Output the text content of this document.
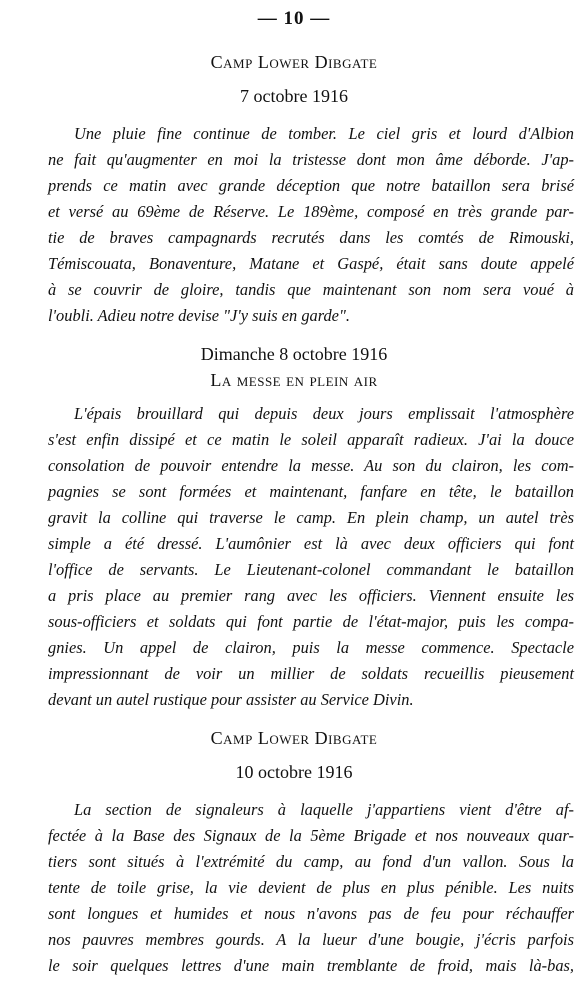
— 10 —
Camp Lower Dibgate
7 octobre 1916
Une pluie fine continue de tomber. Le ciel gris et lourd d'Albion
ne fait qu'augmenter en moi la tristesse dont mon âme déborde. J'ap-
prends ce matin avec grande déception que notre bataillon sera brisé
et versé au 69ème de Réserve. Le 189ème, composé en très grande par-
tie de braves campagnards recrutés dans les comtés de Rimouski,
Témiscouata, Bonaventure, Matane et Gaspé, était sans doute appelé
à se couvrir de gloire, tandis que maintenant son nom sera voué à
l'oubli. Adieu notre devise "J'y suis en garde".
Dimanche 8 octobre 1916
La messe en plein air
L'épais brouillard qui depuis deux jours emplissait l'atmosphère
s'est enfin dissipé et ce matin le soleil apparaît radieux. J'ai la douce
consolation de pouvoir entendre la messe. Au son du clairon, les com-
pagnies se sont formées et maintenant, fanfare en tête, le bataillon
gravit la colline qui traverse le camp. En plein champ, un autel très
simple a été dressé. L'aumônier est là avec deux officiers qui font
l'office de servants. Le Lieutenant-colonel commandant le bataillon
a pris place au premier rang avec les officiers. Viennent ensuite les
sous-officiers et soldats qui font partie de l'état-major, puis les compa-
gnies. Un appel de clairon, puis la messe commence. Spectacle
impressionnant de voir un millier de soldats recueillis pieusement
devant un autel rustique pour assister au Service Divin.
Camp Lower Dibgate
10 octobre 1916
La section de signaleurs à laquelle j'appartiens vient d'être af-
fectée à la Base des Signaux de la 5ème Brigade et nos nouveaux quar-
tiers sont situés à l'extrémité du camp, au fond d'un vallon. Sous la
tente de toile grise, la vie devient de plus en plus pénible. Les nuits
sont longues et humides et nous n'avons pas de feu pour réchauffer
nos pauvres membres gourds. A la lueur d'une bougie, j'écris parfois
le soir quelques lettres d'une main tremblante de froid, mais là-bas,
